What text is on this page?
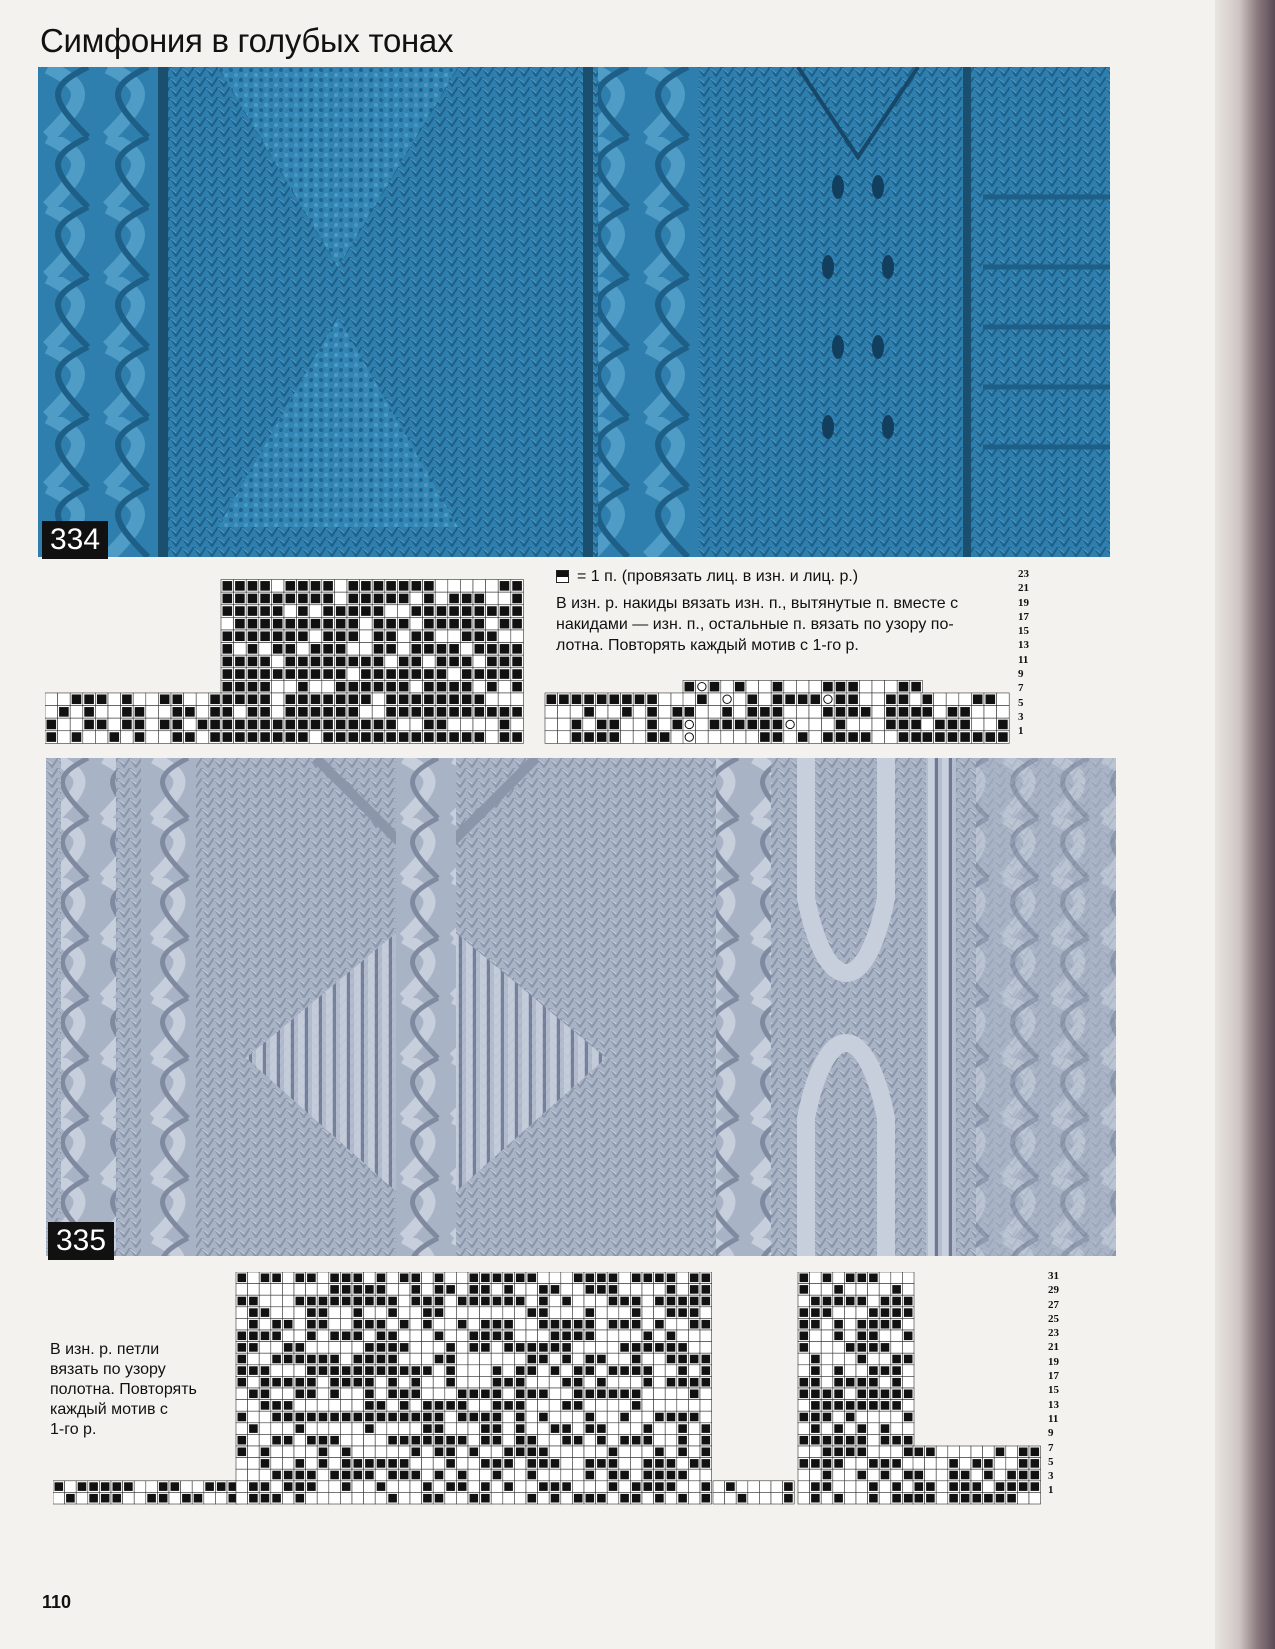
Симфония в голубых тонах
334
= 1 п. (провязать лиц. в изн. и лиц. р.)
В изн. р. накиды вязать изн. п., вытянутые п. вместе с
накидами — изн. п., остальные п. вязать по узору по-
лотна. Повторять каждый мотив с 1-го р.
23
21
19
17
15
13
11
9
7
5
3
1
335
В изн. р. петли
вязать по узору
полотна. Повторять
каждый мотив с
1-го р.
31
29
27
25
23
21
19
17
15
13
11
9
7
5
3
1
110
